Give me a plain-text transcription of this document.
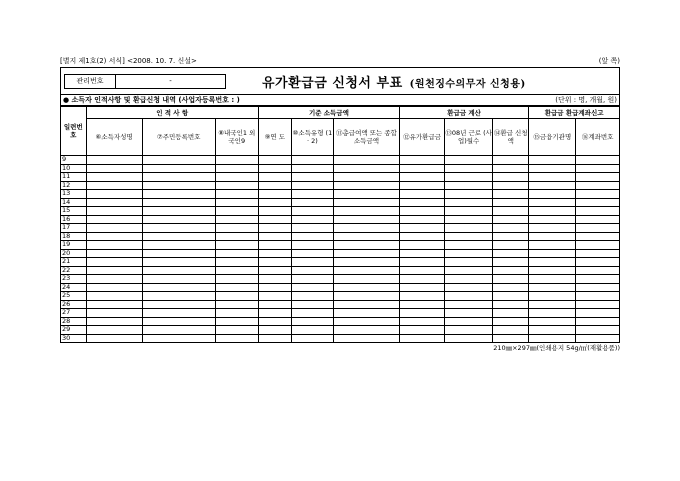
[별지 제1호(2) 서식] <2008. 10. 7. 신설>	(앞 쪽)
관리번호	-	유가환급금 신청서 부표 (원천징수의무자 신청용)
● 소득자 인적사항 및 환급신청 내역 (사업자등록번호 : )	(단위 : 명, 개월, 원)
일련번호	인 적 사 항			기준 소득금액			환급금 계산			환급금 환급계좌신고	
	⑥소득자성명	⑦주민등록번호	⑧내국인1 외국인9	⑨연 도	⑩소득유형 (1 · 2)	⑪총급여액 또는 종합소득금액	⑫유가환급금	⑬08년 근로 (사업)월수	⑭환급 신청액	⑮금융기관명	⑯계좌번호
9											
10											
11											
12											
13											
14											
15											
16											
17											
18											
19											
20											
21											
22											
23											
24											
25											
26											
27											
28											
29											
30											
210㎜×297㎜(인쇄용지 54g/㎡(재활용품))
